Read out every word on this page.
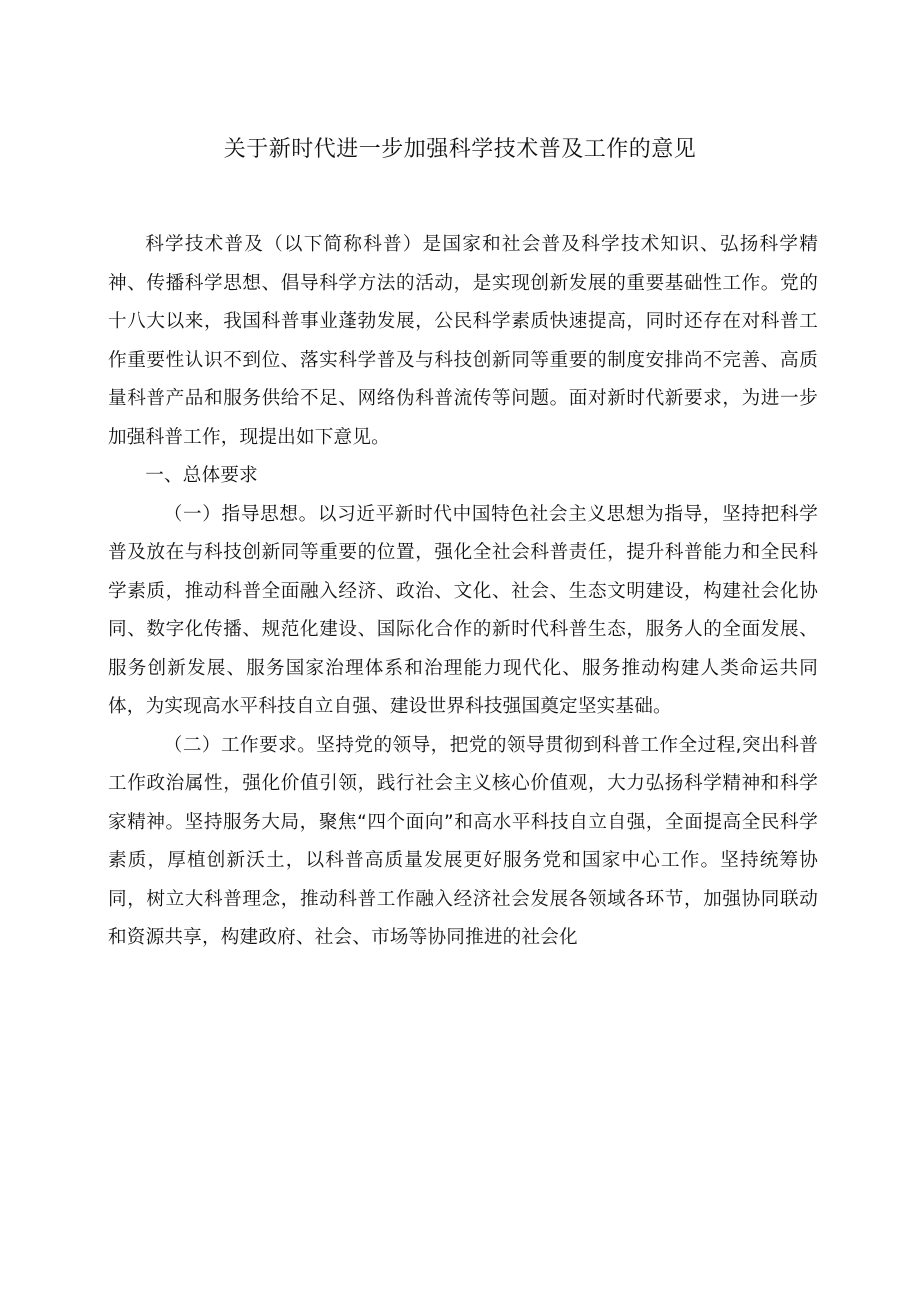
关于新时代进一步加强科学技术普及工作的意见

科学技术普及（以下简称科普）是国家和社会普及科学技术知识、弘扬科学精神、传播科学思想、倡导科学方法的活动，是实现创新发展的重要基础性工作。党的十八大以来，我国科普事业蓬勃发展，公民科学素质快速提高，同时还存在对科普工作重要性认识不到位、落实科学普及与科技创新同等重要的制度安排尚不完善、高质量科普产品和服务供给不足、网络伪科普流传等问题。面对新时代新要求，为进一步加强科普工作，现提出如下意见。

一、总体要求

（一）指导思想。以习近平新时代中国特色社会主义思想为指导，坚持把科学普及放在与科技创新同等重要的位置，强化全社会科普责任，提升科普能力和全民科学素质，推动科普全面融入经济、政治、文化、社会、生态文明建设，构建社会化协同、数字化传播、规范化建设、国际化合作的新时代科普生态，服务人的全面发展、服务创新发展、服务国家治理体系和治理能力现代化、服务推动构建人类命运共同体，为实现高水平科技自立自强、建设世界科技强国奠定坚实基础。

（二）工作要求。坚持党的领导，把党的领导贯彻到科普工作全过程,突出科普工作政治属性，强化价值引领，践行社会主义核心价值观，大力弘扬科学精神和科学家精神。坚持服务大局，聚焦“四个面向”和高水平科技自立自强，全面提高全民科学素质，厚植创新沃土，以科普高质量发展更好服务党和国家中心工作。坚持统筹协同，树立大科普理念，推动科普工作融入经济社会发展各领域各环节，加强协同联动和资源共享，构建政府、社会、市场等协同推进的社会化
